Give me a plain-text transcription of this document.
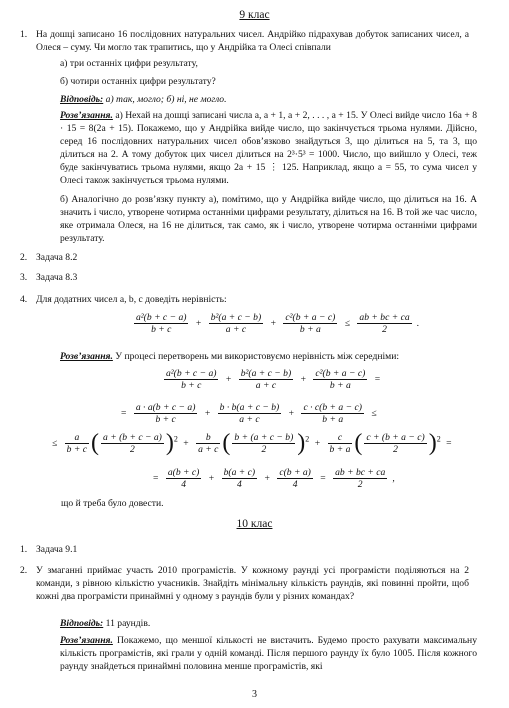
9 клас
1. На дошці записано 16 послідовних натуральних чисел. Андрійко підрахував добуток записаних чисел, а Олеся – суму. Чи могло так трапитись, що у Андрійка та Олесі співпали
а) три останніх цифри результату,
б) чотири останніх цифри результату?
Відповідь: а) так, могло; б) ні, не могло.
Розв’язання. а) Нехай на дошці записані числа a, a + 1, a + 2, . . . , a + 15. У Олесі вийде число 16a + 8 · 15 = 8(2a + 15). Покажемо, що у Андрійка вийде число, що закінчується трьома нулями. Дійсно, серед 16 послідовних натуральних чисел обов’язково знайдуться 3, що ділиться на 5, та 3, що ділиться на 2. А тому добуток цих чисел ділиться на 2³·5³ = 1000. Число, що вийшло у Олесі, теж буде закінчуватись трьома нулями, якщо 2a + 15 ⋮ 125. Наприклад, якщо a = 55, то сума чисел у Олесі також закінчується трьома нулями.
б) Аналогічно до розв’язку пункту а), помітимо, що у Андрійка вийде число, що ділиться на 16. А значить і число, утворене чотирма останніми цифрами результату, ділиться на 16. В той же час число, яке отримала Олеся, на 16 не ділиться, так само, як і число, утворене чотирма останніми цифрами результату.
2. Задача 8.2
3. Задача 8.3
4. Для додатних чисел a, b, c доведіть нерівність:
$\frac{\text{a²(b + c − a)}}{b + c} + \frac{\text{b²(a + c − b)}}{a + c} + \frac{\text{c²(b + a − c)}}{b + a} \le \frac{ab + bc + ca}{2}$ .
Розв’язання. У процесі перетворень ми використовуємо нерівність між середніми:
$\frac{\text{a²(b + c − a)}}{b + c} + \frac{\text{b²(a + c − b)}}{a + c} + \frac{\text{c²(b + a − c)}}{b + a}$ =
= $\frac{a \cdot a(b + c - a)}{b + c} + \frac{b \cdot b(a + c - b)}{a + c} + \frac{c \cdot c(b + a - c)}{b + a}$ ≤
≤ $\frac{a}{b + c}$ ( $\frac{a + (b + c - a)}{2} )^2 + \frac{b}{a + c}$ ( $\frac{b + (a + c - b)}{2} )^2 + \frac{c}{b + a}$ ( $\frac{c + (b + a - c)}{2} )^2$ =
= $\frac{a(b + c)}{4} + \frac{b(a + c)}{4} + \frac{c(b + a)}{4} = \frac{ab + bc + ca}{2}$ ,
що й треба було довести.
10 клас
1. Задача 9.1
2. У змаганні приймає участь 2010 програмістів. У кожному раунді усі програмісти поділяються на 2 команди, з рівною кількістю учасників. Знайдіть мінімальну кількість раундів, які повинні пройти, щоб кожні два програмісти принаймні у одному з раундів були у різних командах?
Відповідь: 11 раундів.
Розв’язання. Покажемо, що меншої кількості не вистачить. Будемо просто рахувати максимальну кількість програмістів, які грали у одній команді. Після першого раунду їх було 1005. Після кожного раунду знайдеться принаймні половина менше програмістів, які
3
